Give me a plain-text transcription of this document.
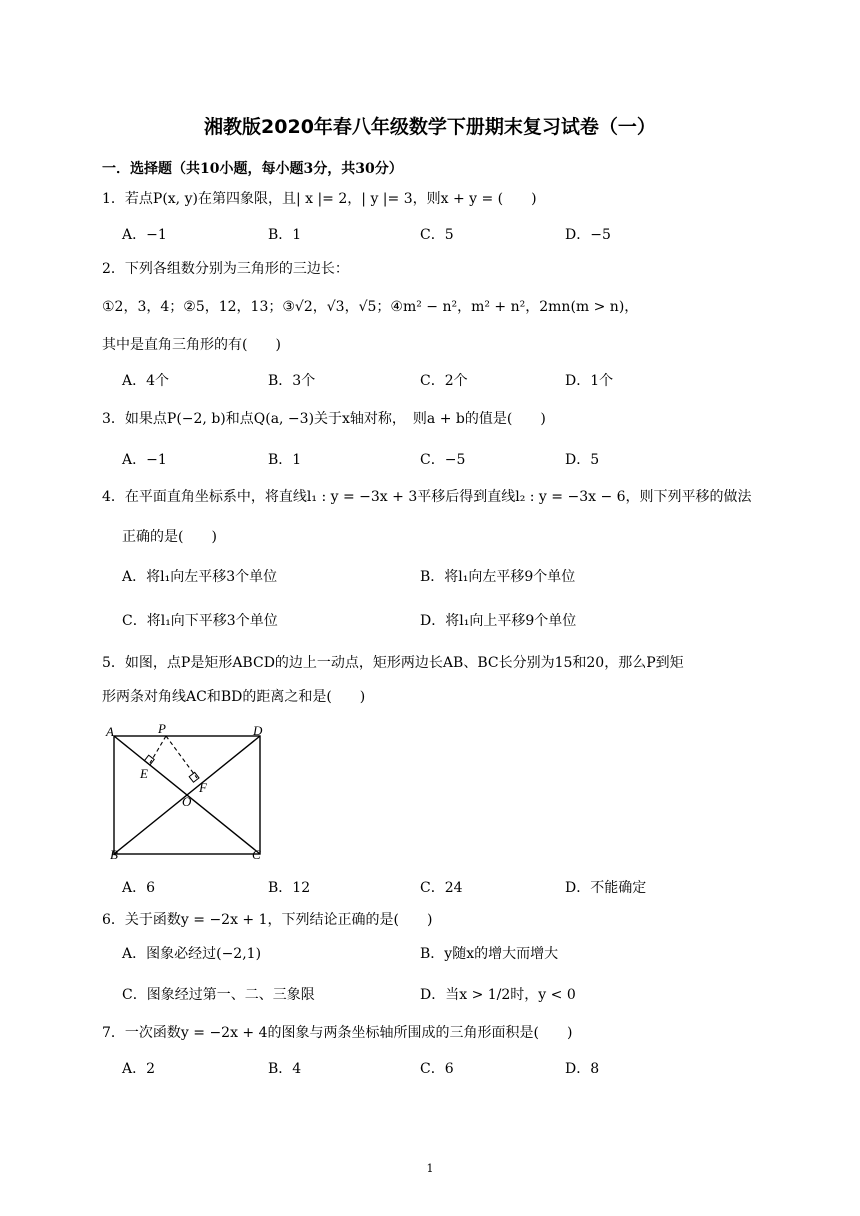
湘教版2020年春八年级数学下册期末复习试卷（一）
一．选择题（共10小题，每小题3分，共30分）
1．若点P(x, y)在第四象限，且| x |= 2，| y |= 3，则x + y = (　　)
A．−1	B．1	C．5	D．−5
2．下列各组数分别为三角形的三边长：
①2，3，4；②5，12，13；③√2，√3，√5；④m² − n²，m² + n²，2mn(m > n)，
其中是直角三角形的有(　　)
A．4个	B．3个	C．2个	D．1个
3．如果点P(−2, b)和点Q(a, −3)关于x轴对称，　则a + b的值是(　　)
A．−1	B．1	C．−5	D．5
4．在平面直角坐标系中，将直线l₁ : y = −3x + 3平移后得到直线l₂ : y = −3x − 6，则下列平移的做法
正确的是(　　)
A．将l₁向左平移3个单位	B．将l₁向左平移9个单位
C．将l₁向下平移3个单位	D．将l₁向上平移9个单位
5．如图，点P是矩形ABCD的边上一动点，矩形两边长AB、BC长分别为15和20，那么P到矩
形两条对角线AC和BD的距离之和是(　　)
A	P	D
E
F
O
B	C
A．6	B．12	C．24	D．不能确定
6．关于函数y = −2x + 1，下列结论正确的是(　　)
A．图象必经过(−2,1)	B．y随x的增大而增大
C．图象经过第一、二、三象限	D．当x > 1/2时，y < 0
7．一次函数y = −2x + 4的图象与两条坐标轴所围成的三角形面积是(　　)
A．2	B．4	C．6	D．8
1
